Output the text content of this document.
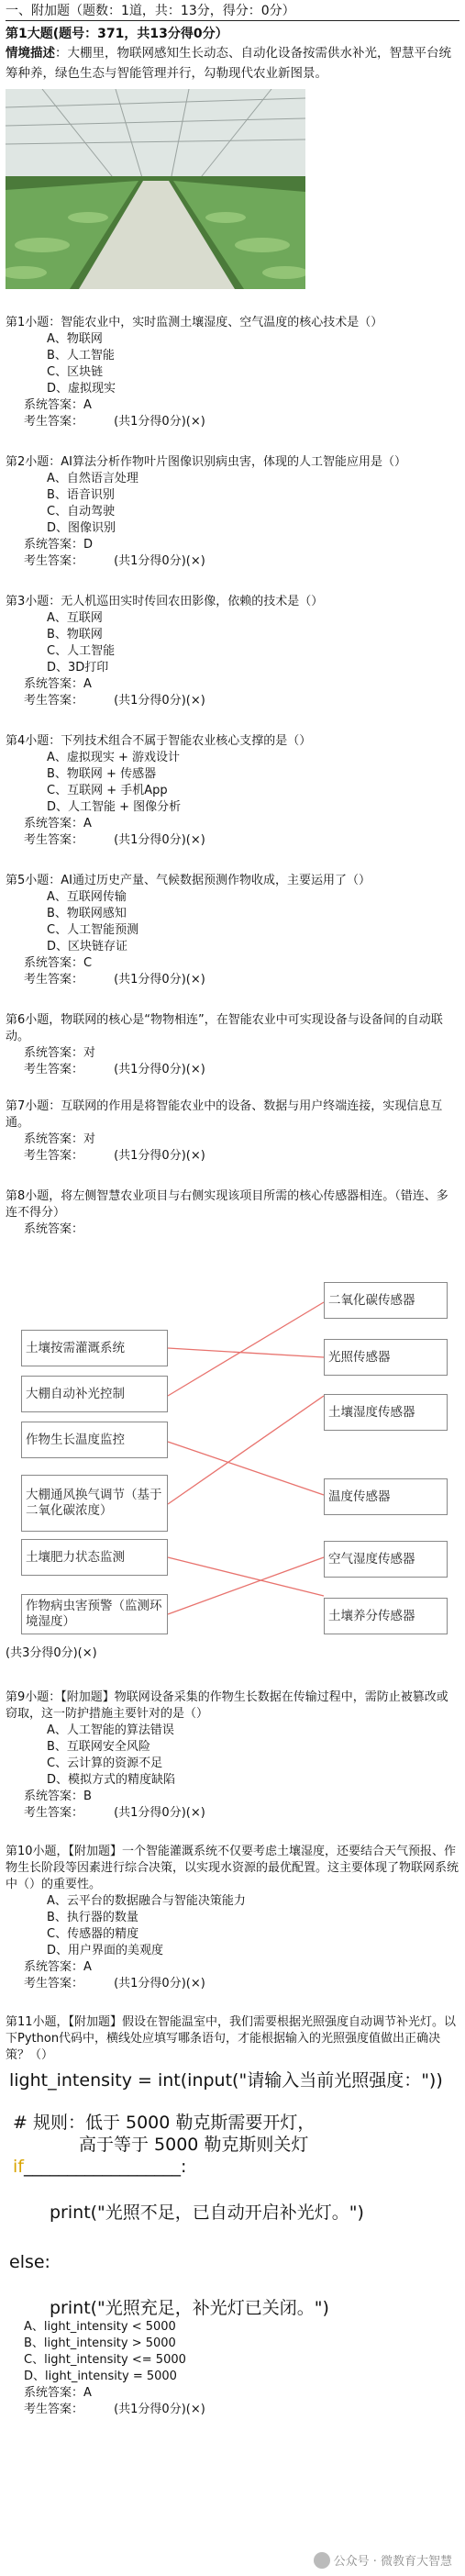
一、附加题（题数：1道，共：13分，得分：0分）
第1大题(题号：371，共13分得0分）
情境描述：大棚里，物联网感知生长动态、自动化设备按需供水补光，智慧平台统筹种养，绿色生态与智能管理并行，勾勒现代农业新图景。
第1小题：智能农业中，实时监测土壤湿度、空气温度的核心技术是（）
A、物联网
B、人工智能
C、区块链
D、虚拟现实
系统答案：A
考生答案：	(共1分得0分)(×)
第2小题：AI算法分析作物叶片图像识别病虫害，体现的人工智能应用是（）
A、自然语言处理
B、语音识别
C、自动驾驶
D、图像识别
系统答案：D
考生答案：	(共1分得0分)(×)
第3小题：无人机巡田实时传回农田影像，依赖的技术是（）
A、互联网
B、物联网
C、人工智能
D、3D打印
系统答案：A
考生答案：	(共1分得0分)(×)
第4小题：下列技术组合不属于智能农业核心支撑的是（）
A、虚拟现实 + 游戏设计
B、物联网 + 传感器
C、互联网 + 手机App
D、人工智能 + 图像分析
系统答案：A
考生答案：	(共1分得0分)(×)
第5小题：AI通过历史产量、气候数据预测作物收成，主要运用了（）
A、互联网传输
B、物联网感知
C、人工智能预测
D、区块链存证
系统答案：C
考生答案：	(共1分得0分)(×)
第6小题，物联网的核心是“物物相连”，在智能农业中可实现设备与设备间的自动联动。
系统答案：对
考生答案：	(共1分得0分)(×)
第7小题：互联网的作用是将智能农业中的设备、数据与用户终端连接，实现信息互通。
系统答案：对
考生答案：	(共1分得0分)(×)
第8小题，将左侧智慧农业项目与右侧实现该项目所需的核心传感器相连。（错连、多连不得分）
系统答案：
土壤按需灌溉系统
大棚自动补光控制
作物生长温度监控
大棚通风换气调节（基于二氧化碳浓度）
土壤肥力状态监测
作物病虫害预警（监测环境湿度）
二氧化碳传感器
光照传感器
土壤湿度传感器
温度传感器
空气湿度传感器
土壤养分传感器
(共3分得0分)(×)
第9小题：【附加题】物联网设备采集的作物生长数据在传输过程中，需防止被篡改或窃取，这一防护措施主要针对的是（）
A、人工智能的算法错误
B、互联网安全风险
C、云计算的资源不足
D、模拟方式的精度缺陷
系统答案：B
考生答案：	(共1分得0分)(×)
第10小题，【附加题】一个智能灌溉系统不仅要考虑土壤湿度，还要结合天气预报、作物生长阶段等因素进行综合决策，以实现水资源的最优配置。这主要体现了物联网系统中（）的重要性。
A、云平台的数据融合与智能决策能力
B、执行器的数量
C、传感器的精度
D、用户界面的美观度
系统答案：A
考生答案：	(共1分得0分)(×)
第11小题，【附加题】假设在智能温室中，我们需要根据光照强度自动调节补光灯。以下Python代码中，横线处应填写哪条语句，才能根据输入的光照强度值做出正确决策？（）
light_intensity = int(input("请输入当前光照强度："))
# 规则：低于 5000 勒克斯需要开灯，
高于等于 5000 勒克斯则关灯
if__________________:
print("光照不足，已自动开启补光灯。")
else:
print("光照充足，补光灯已关闭。")
A、light_intensity < 5000
B、light_intensity > 5000
C、light_intensity <= 5000
D、light_intensity = 5000
系统答案：A
考生答案：	(共1分得0分)(×)
公众号 · 微教育大智慧
